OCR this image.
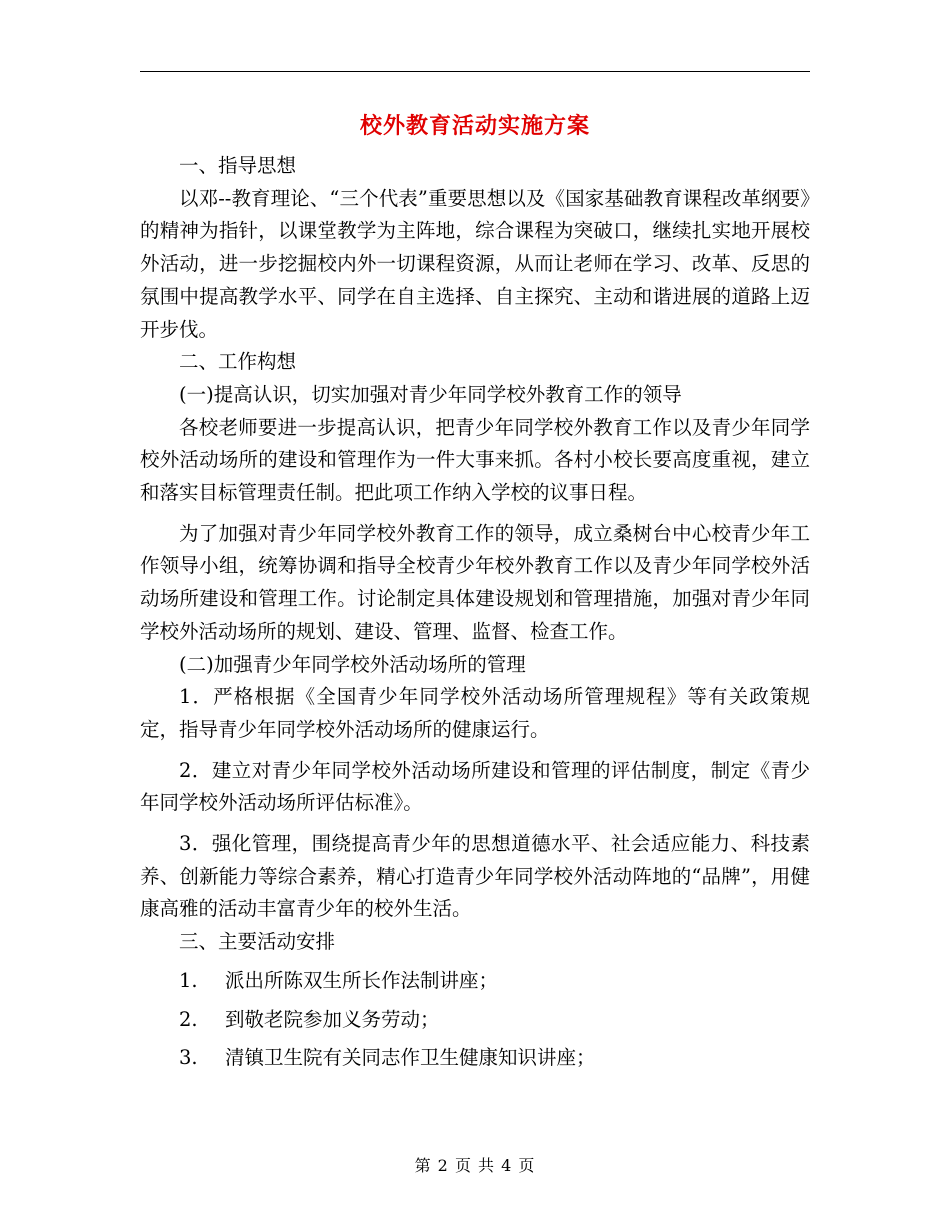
校外教育活动实施方案

一、指导思想

以邓--教育理论、“三个代表”重要思想以及《国家基础教育课程改革纲要》的精神为指针，以课堂教学为主阵地，综合课程为突破口，继续扎实地开展校外活动，进一步挖掘校内外一切课程资源，从而让老师在学习、改革、反思的氛围中提高教学水平、同学在自主选择、自主探究、主动和谐进展的道路上迈开步伐。

二、工作构想

(一)提高认识，切实加强对青少年同学校外教育工作的领导

各校老师要进一步提高认识，把青少年同学校外教育工作以及青少年同学校外活动场所的建设和管理作为一件大事来抓。各村小校长要高度重视，建立和落实目标管理责任制。把此项工作纳入学校的议事日程。

为了加强对青少年同学校外教育工作的领导，成立桑树台中心校青少年工作领导小组，统筹协调和指导全校青少年校外教育工作以及青少年同学校外活动场所建设和管理工作。讨论制定具体建设规划和管理措施，加强对青少年同学校外活动场所的规划、建设、管理、监督、检查工作。

(二)加强青少年同学校外活动场所的管理

1．严格根据《全国青少年同学校外活动场所管理规程》等有关政策规定，指导青少年同学校外活动场所的健康运行。

2．建立对青少年同学校外活动场所建设和管理的评估制度，制定《青少年同学校外活动场所评估标准》。

3．强化管理，围绕提高青少年的思想道德水平、社会适应能力、科技素养、创新能力等综合素养，精心打造青少年同学校外活动阵地的“品牌”，用健康高雅的活动丰富青少年的校外生活。

三、主要活动安排

1. 派出所陈双生所长作法制讲座；
2. 到敬老院参加义务劳动；
3. 清镇卫生院有关同志作卫生健康知识讲座；
第 2 页 共 4 页
